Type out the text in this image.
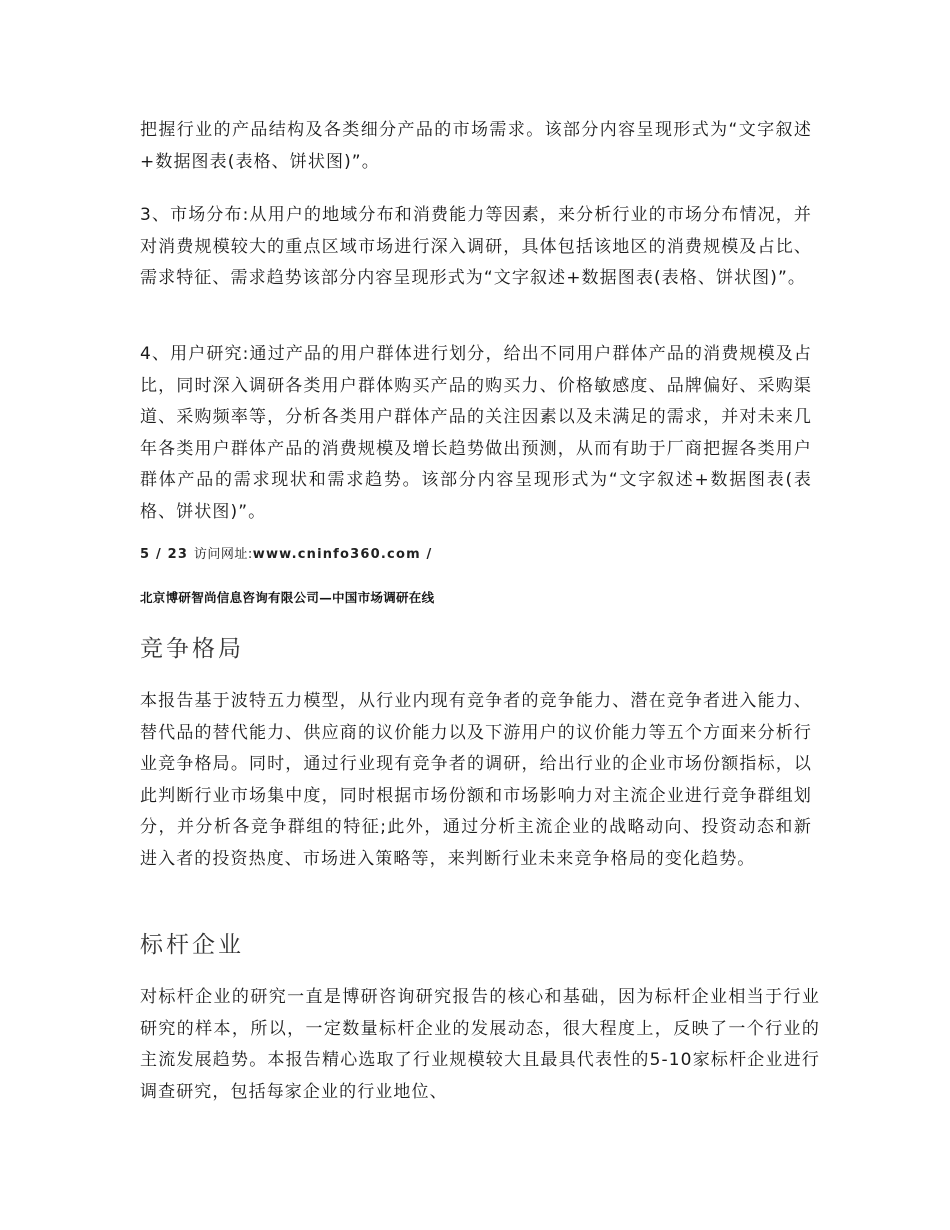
把握行业的产品结构及各类细分产品的市场需求。该部分内容呈现形式为“文字叙述+数据图表(表格、饼状图)”。

3、市场分布:从用户的地域分布和消费能力等因素，来分析行业的市场分布情况，并对消费规模较大的重点区域市场进行深入调研，具体包括该地区的消费规模及占比、需求特征、需求趋势该部分内容呈现形式为“文字叙述+数据图表(表格、饼状图)”。

4、用户研究:通过产品的用户群体进行划分，给出不同用户群体产品的消费规模及占比，同时深入调研各类用户群体购买产品的购买力、价格敏感度、品牌偏好、采购渠道、采购频率等，分析各类用户群体产品的关注因素以及未满足的需求，并对未来几年各类用户群体产品的消费规模及增长趋势做出预测，从而有助于厂商把握各类用户群体产品的需求现状和需求趋势。该部分内容呈现形式为“文字叙述+数据图表(表格、饼状图)”。

5 / 23 访问网址:www.cninfo360.com /
北京博研智尚信息咨询有限公司—中国市场调研在线
竞争格局

本报告基于波特五力模型，从行业内现有竞争者的竞争能力、潜在竞争者进入能力、替代品的替代能力、供应商的议价能力以及下游用户的议价能力等五个方面来分析行业竞争格局。同时，通过行业现有竞争者的调研，给出行业的企业市场份额指标，以此判断行业市场集中度，同时根据市场份额和市场影响力对主流企业进行竞争群组划分，并分析各竞争群组的特征;此外，通过分析主流企业的战略动向、投资动态和新进入者的投资热度、市场进入策略等，来判断行业未来竞争格局的变化趋势。

标杆企业

对标杆企业的研究一直是博研咨询研究报告的核心和基础，因为标杆企业相当于行业研究的样本，所以，一定数量标杆企业的发展动态，很大程度上，反映了一个行业的主流发展趋势。本报告精心选取了行业规模较大且最具代表性的5-10家标杆企业进行调查研究，包括每家企业的行业地位、
